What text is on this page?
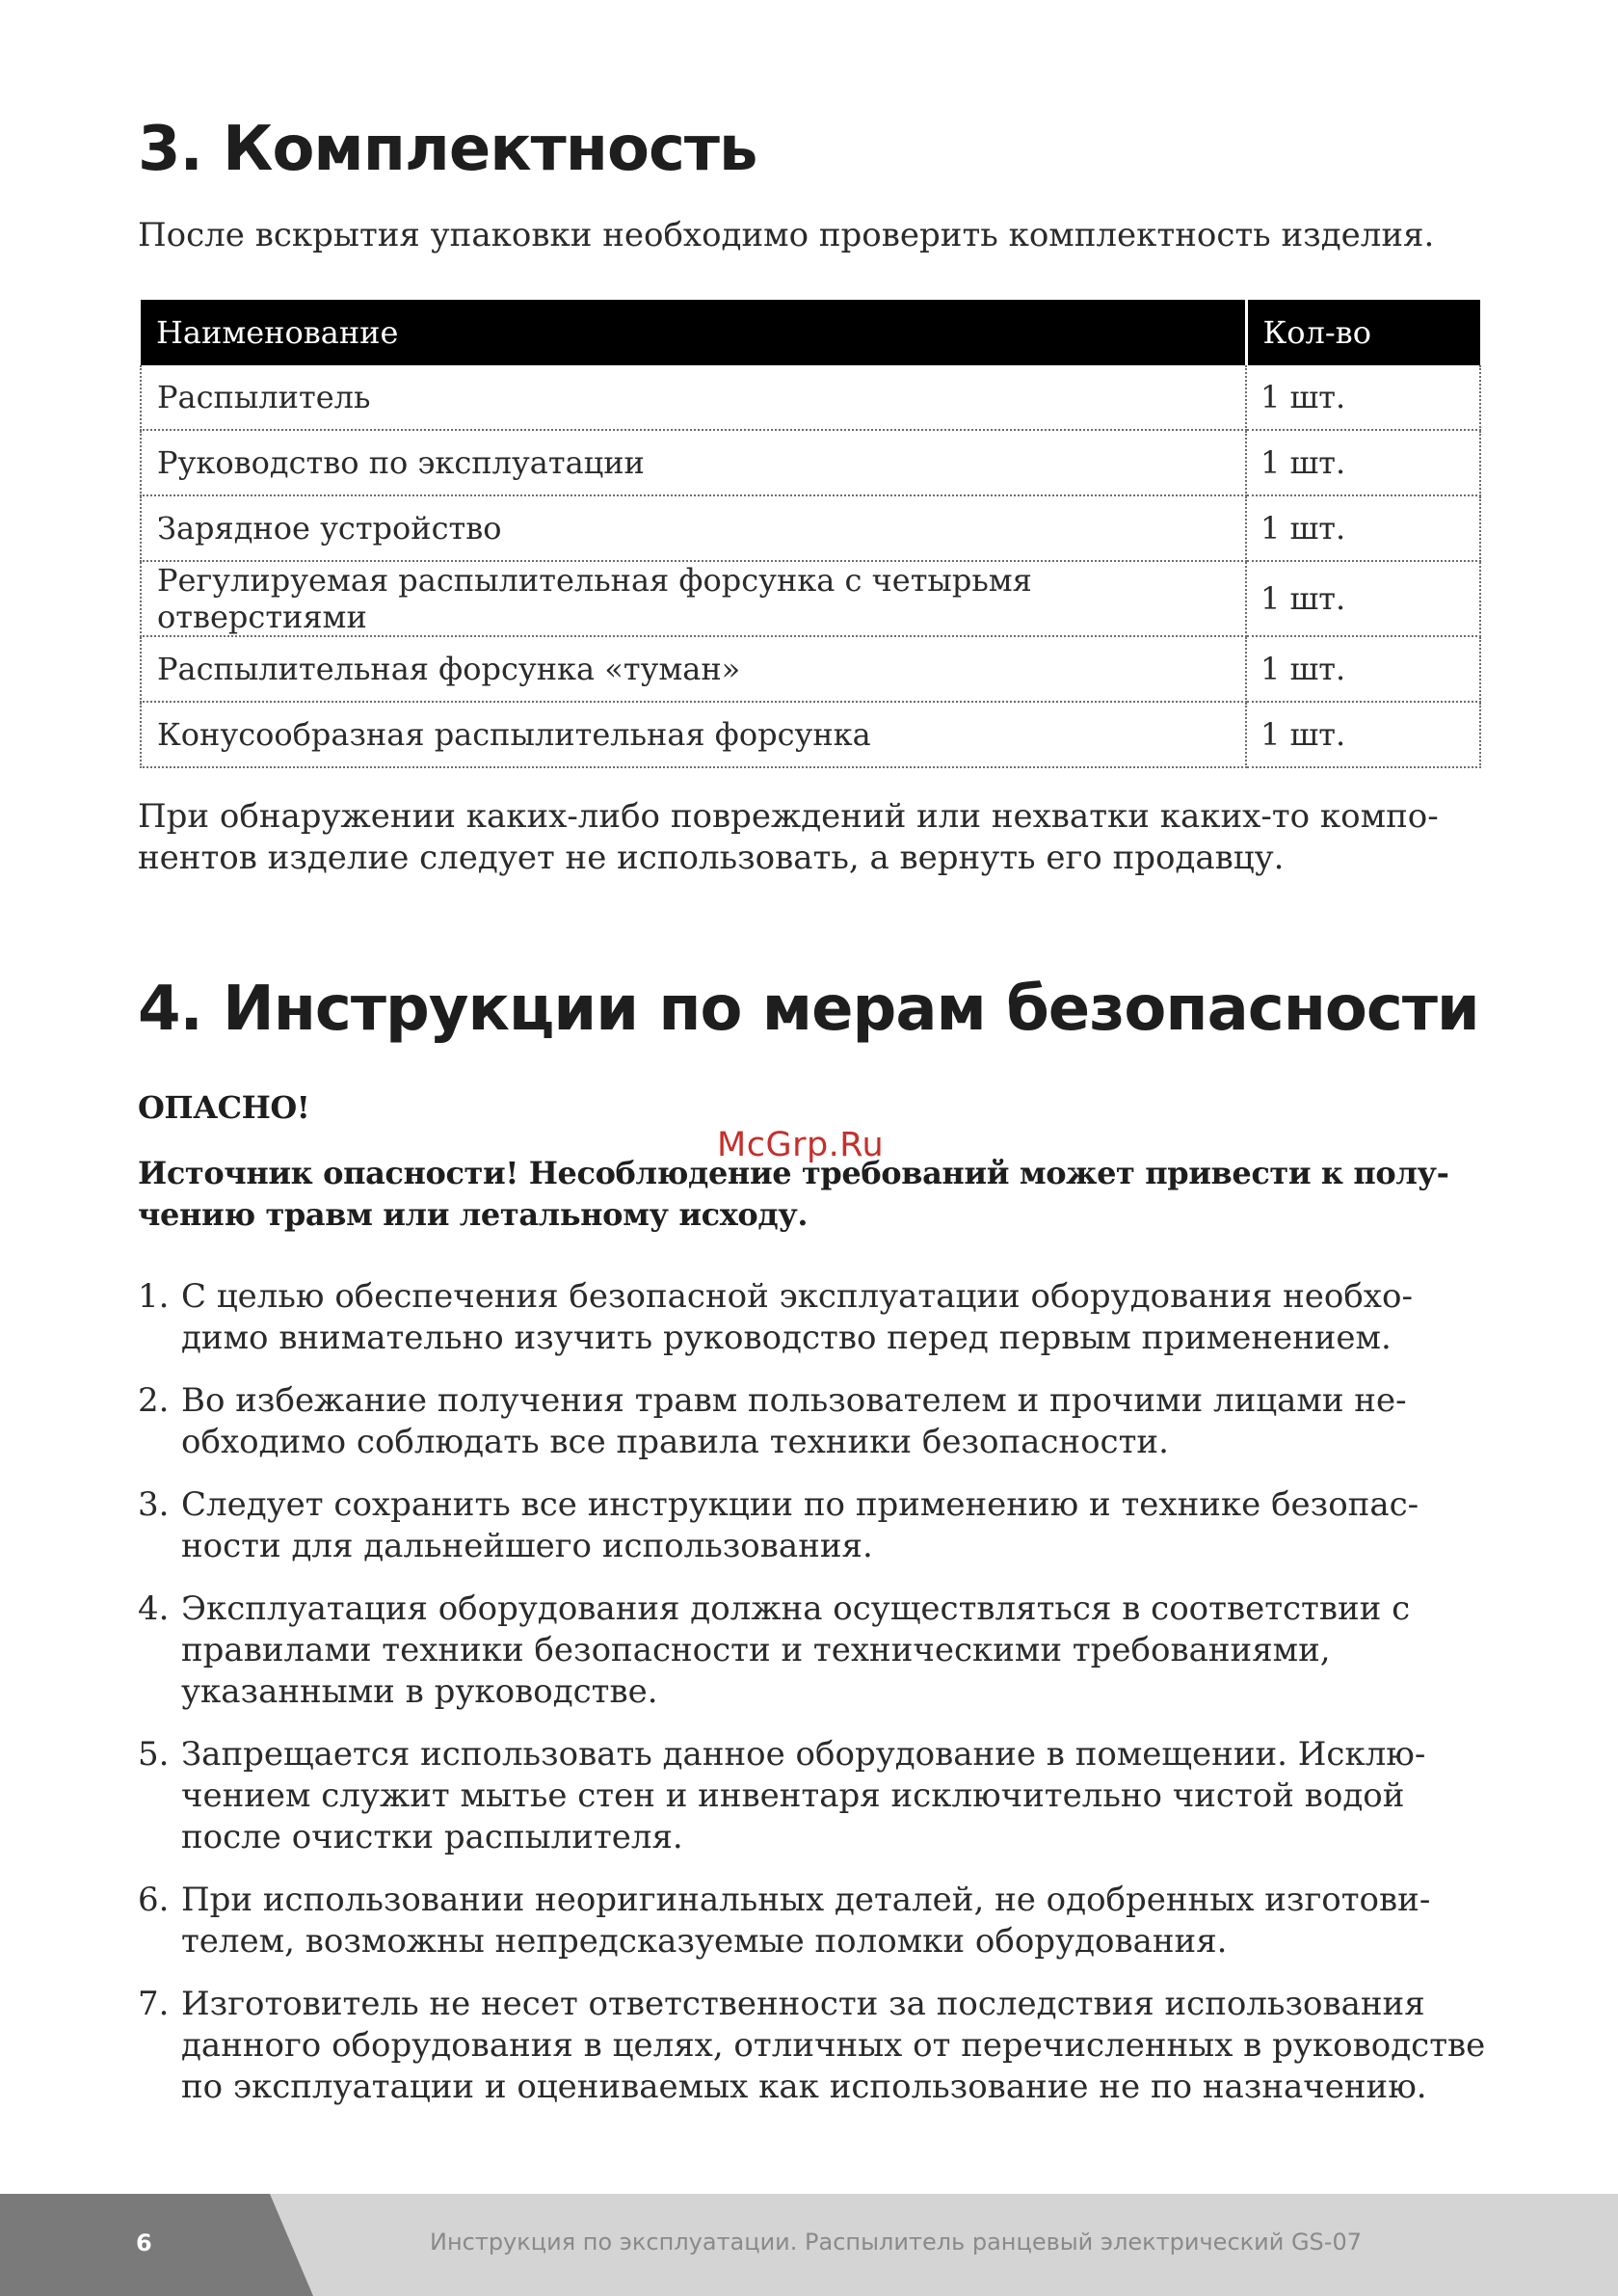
3. Комплектность

После вскрытия упаковки необходимо проверить комплектность изделия.

Наименование	Кол-во
Распылитель	1 шт.
Руководство по эксплуатации	1 шт.
Зарядное устройство	1 шт.
Регулируемая распылительная форсунка с четырьмя отверстиями	1 шт.
Распылительная форсунка «туман»	1 шт.
Конусообразная распылительная форсунка	1 шт.

При обнаружении каких-либо повреждений или нехватки каких-то компо-нентов изделие следует не использовать, а вернуть его продавцу.

4. Инструкции по мерам безопасности

ОПАСНО!

Источник опасности! Несоблюдение требований может привести к полу-чению травм или летальному исходу.

McGrp.Ru
1. С целью обеспечения безопасной эксплуатации оборудования необхо-димо внимательно изучить руководство перед первым применением.
2. Во избежание получения травм пользователем и прочими лицами не-обходимо соблюдать все правила техники безопасности.
3. Следует сохранить все инструкции по применению и технике безопас-ности для дальнейшего использования.
4. Эксплуатация оборудования должна осуществляться в соответствии с правилами техники безопасности и техническими требованиями, указанными в руководстве.
5. Запрещается использовать данное оборудование в помещении. Исклю-чением служит мытье стен и инвентаря исключительно чистой водой после очистки распылителя.
6. При использовании неоригинальных деталей, не одобренных изготови-телем, возможны непредсказуемые поломки оборудования.
7. Изготовитель не несет ответственности за последствия использования данного оборудования в целях, отличных от перечисленных в руководстве по эксплуатации и оцениваемых как использование не по назначению.
6	Инструкция по эксплуатации. Распылитель ранцевый электрический GS-07
